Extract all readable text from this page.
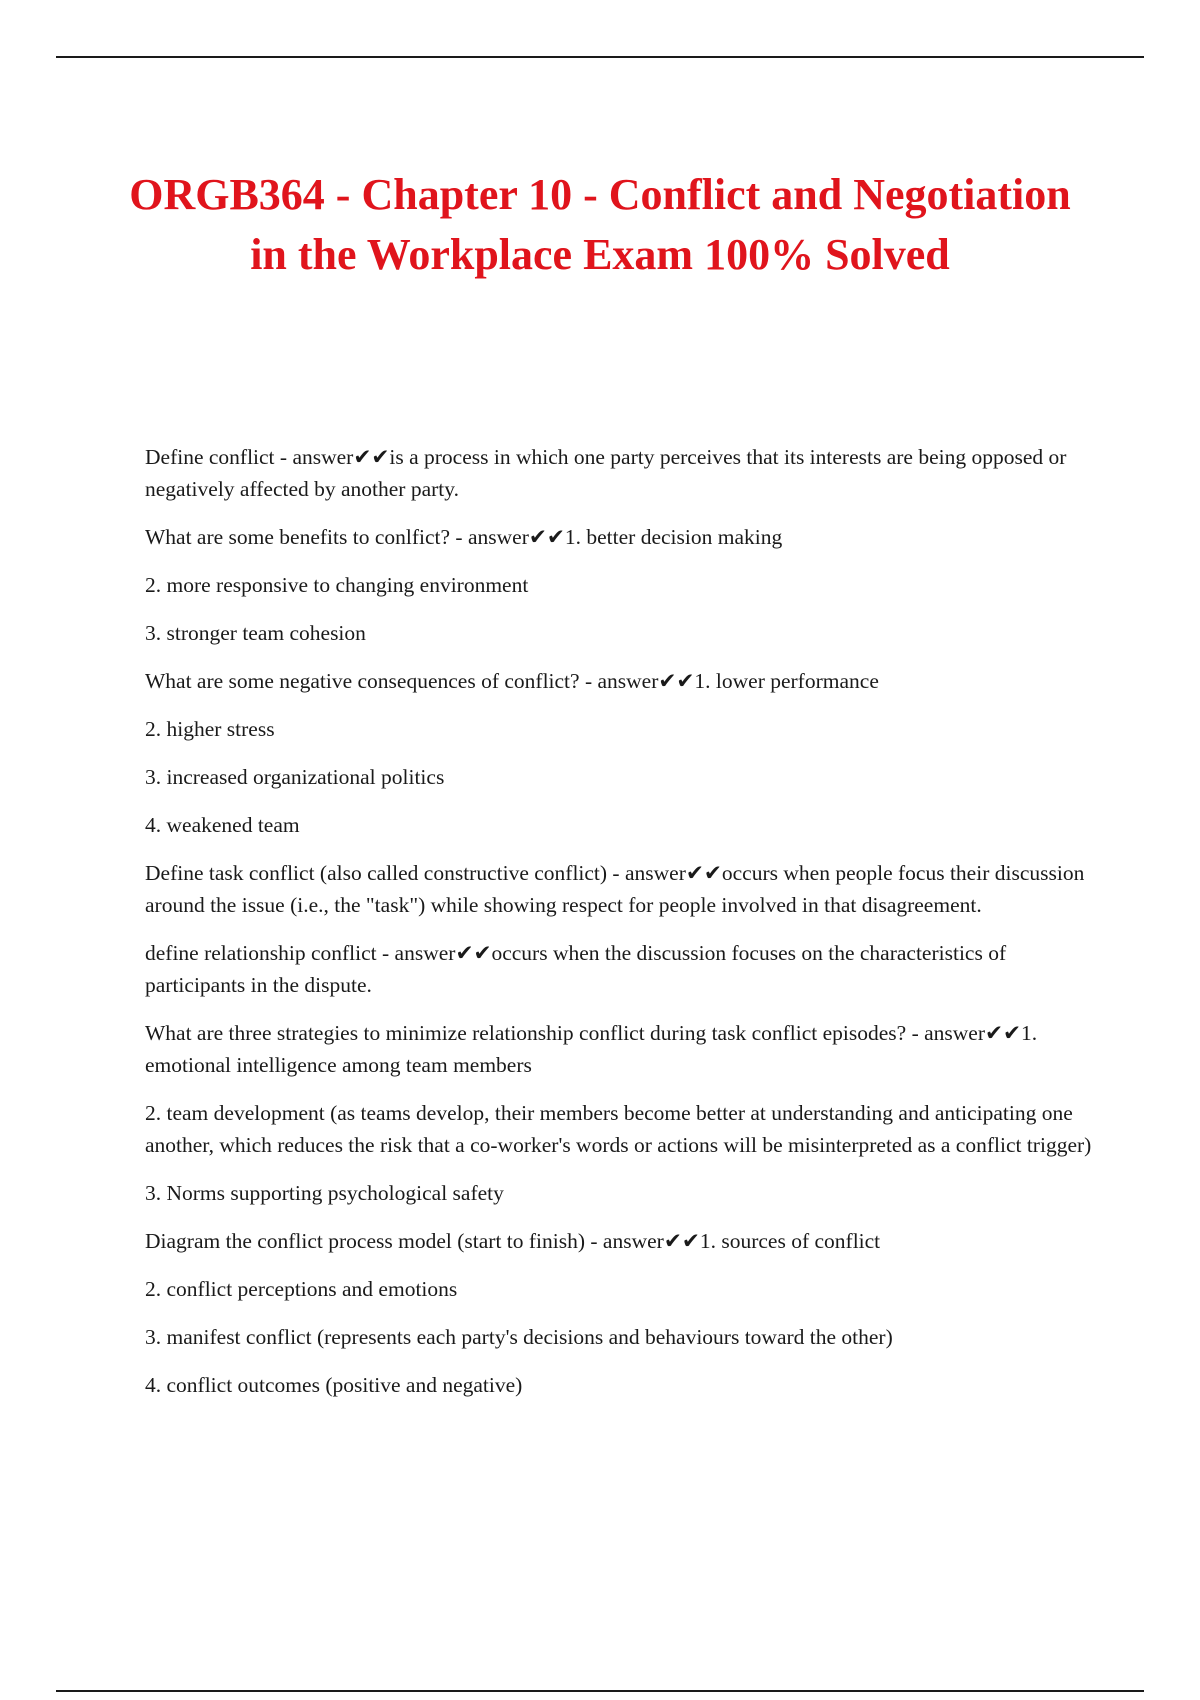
ORGB364 - Chapter 10 - Conflict and Negotiation in the Workplace Exam 100% Solved

Define conflict - answer✔✔is a process in which one party perceives that its interests are being opposed or negatively affected by another party.

What are some benefits to conlfict? - answer✔✔1. better decision making

2. more responsive to changing environment

3. stronger team cohesion

What are some negative consequences of conflict? - answer✔✔1. lower performance

2. higher stress

3. increased organizational politics

4. weakened team

Define task conflict (also called constructive conflict) - answer✔✔occurs when people focus their discussion around the issue (i.e., the "task") while showing respect for people involved in that disagreement.

define relationship conflict - answer✔✔occurs when the discussion focuses on the characteristics of participants in the dispute.

What are three strategies to minimize relationship conflict during task conflict episodes? - answer✔✔1. emotional intelligence among team members

2. team development (as teams develop, their members become better at understanding and anticipating one another, which reduces the risk that a co-worker's words or actions will be misinterpreted as a conflict trigger)

3. Norms supporting psychological safety

Diagram the conflict process model (start to finish) - answer✔✔1. sources of conflict

2. conflict perceptions and emotions

3. manifest conflict (represents each party's decisions and behaviours toward the other)

4. conflict outcomes (positive and negative)
